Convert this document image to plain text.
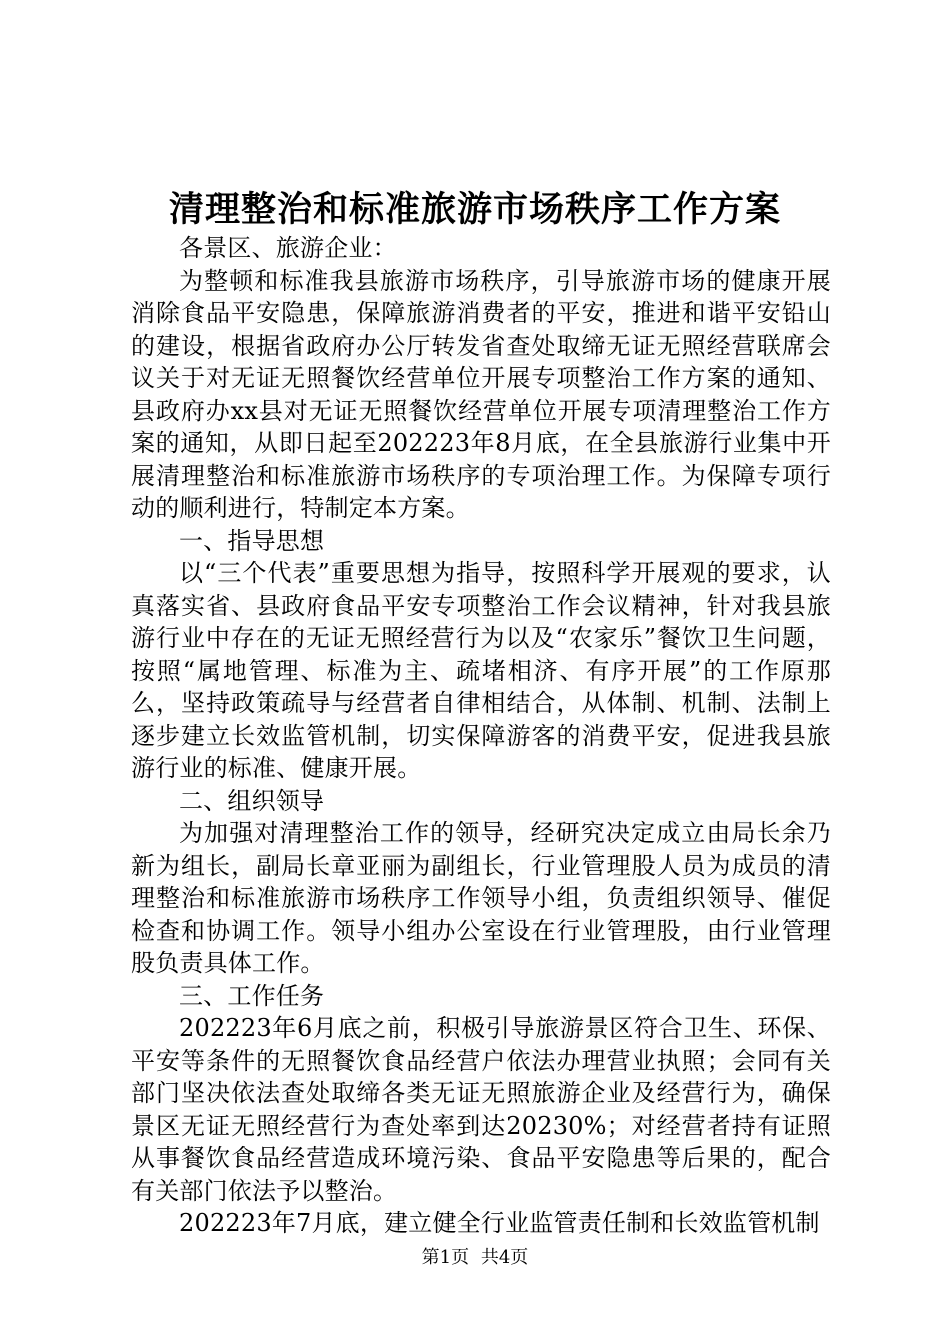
清理整治和标准旅游市场秩序工作方案

各景区、旅游企业：

为整顿和标准我县旅游市场秩序，引导旅游市场的健康开展消除食品平安隐患，保障旅游消费者的平安，推进和谐平安铅山的建设，根据省政府办公厅转发省查处取缔无证无照经营联席会议关于对无证无照餐饮经营单位开展专项整治工作方案的通知、县政府办xx县对无证无照餐饮经营单位开展专项清理整治工作方案的通知，从即日起至202223年8月底，在全县旅游行业集中开展清理整治和标准旅游市场秩序的专项治理工作。为保障专项行动的顺利进行，特制定本方案。

一、指导思想

以“三个代表”重要思想为指导，按照科学开展观的要求，认真落实省、县政府食品平安专项整治工作会议精神，针对我县旅游行业中存在的无证无照经营行为以及“农家乐”餐饮卫生问题，按照“属地管理、标准为主、疏堵相济、有序开展”的工作原那么，坚持政策疏导与经营者自律相结合，从体制、机制、法制上逐步建立长效监管机制，切实保障游客的消费平安，促进我县旅游行业的标准、健康开展。

二、组织领导

为加强对清理整治工作的领导，经研究决定成立由局长余乃新为组长，副局长章亚丽为副组长，行业管理股人员为成员的清理整治和标准旅游市场秩序工作领导小组，负责组织领导、催促检查和协调工作。领导小组办公室设在行业管理股，由行业管理股负责具体工作。

三、工作任务

202223年6月底之前，积极引导旅游景区符合卫生、环保、平安等条件的无照餐饮食品经营户依法办理营业执照；会同有关部门坚决依法查处取缔各类无证无照旅游企业及经营行为，确保景区无证无照经营行为查处率到达20230%；对经营者持有证照从事餐饮食品经营造成环境污染、食品平安隐患等后果的，配合有关部门依法予以整治。

202223年7月底，建立健全行业监管责任制和长效监管机制

第1页 共4页
